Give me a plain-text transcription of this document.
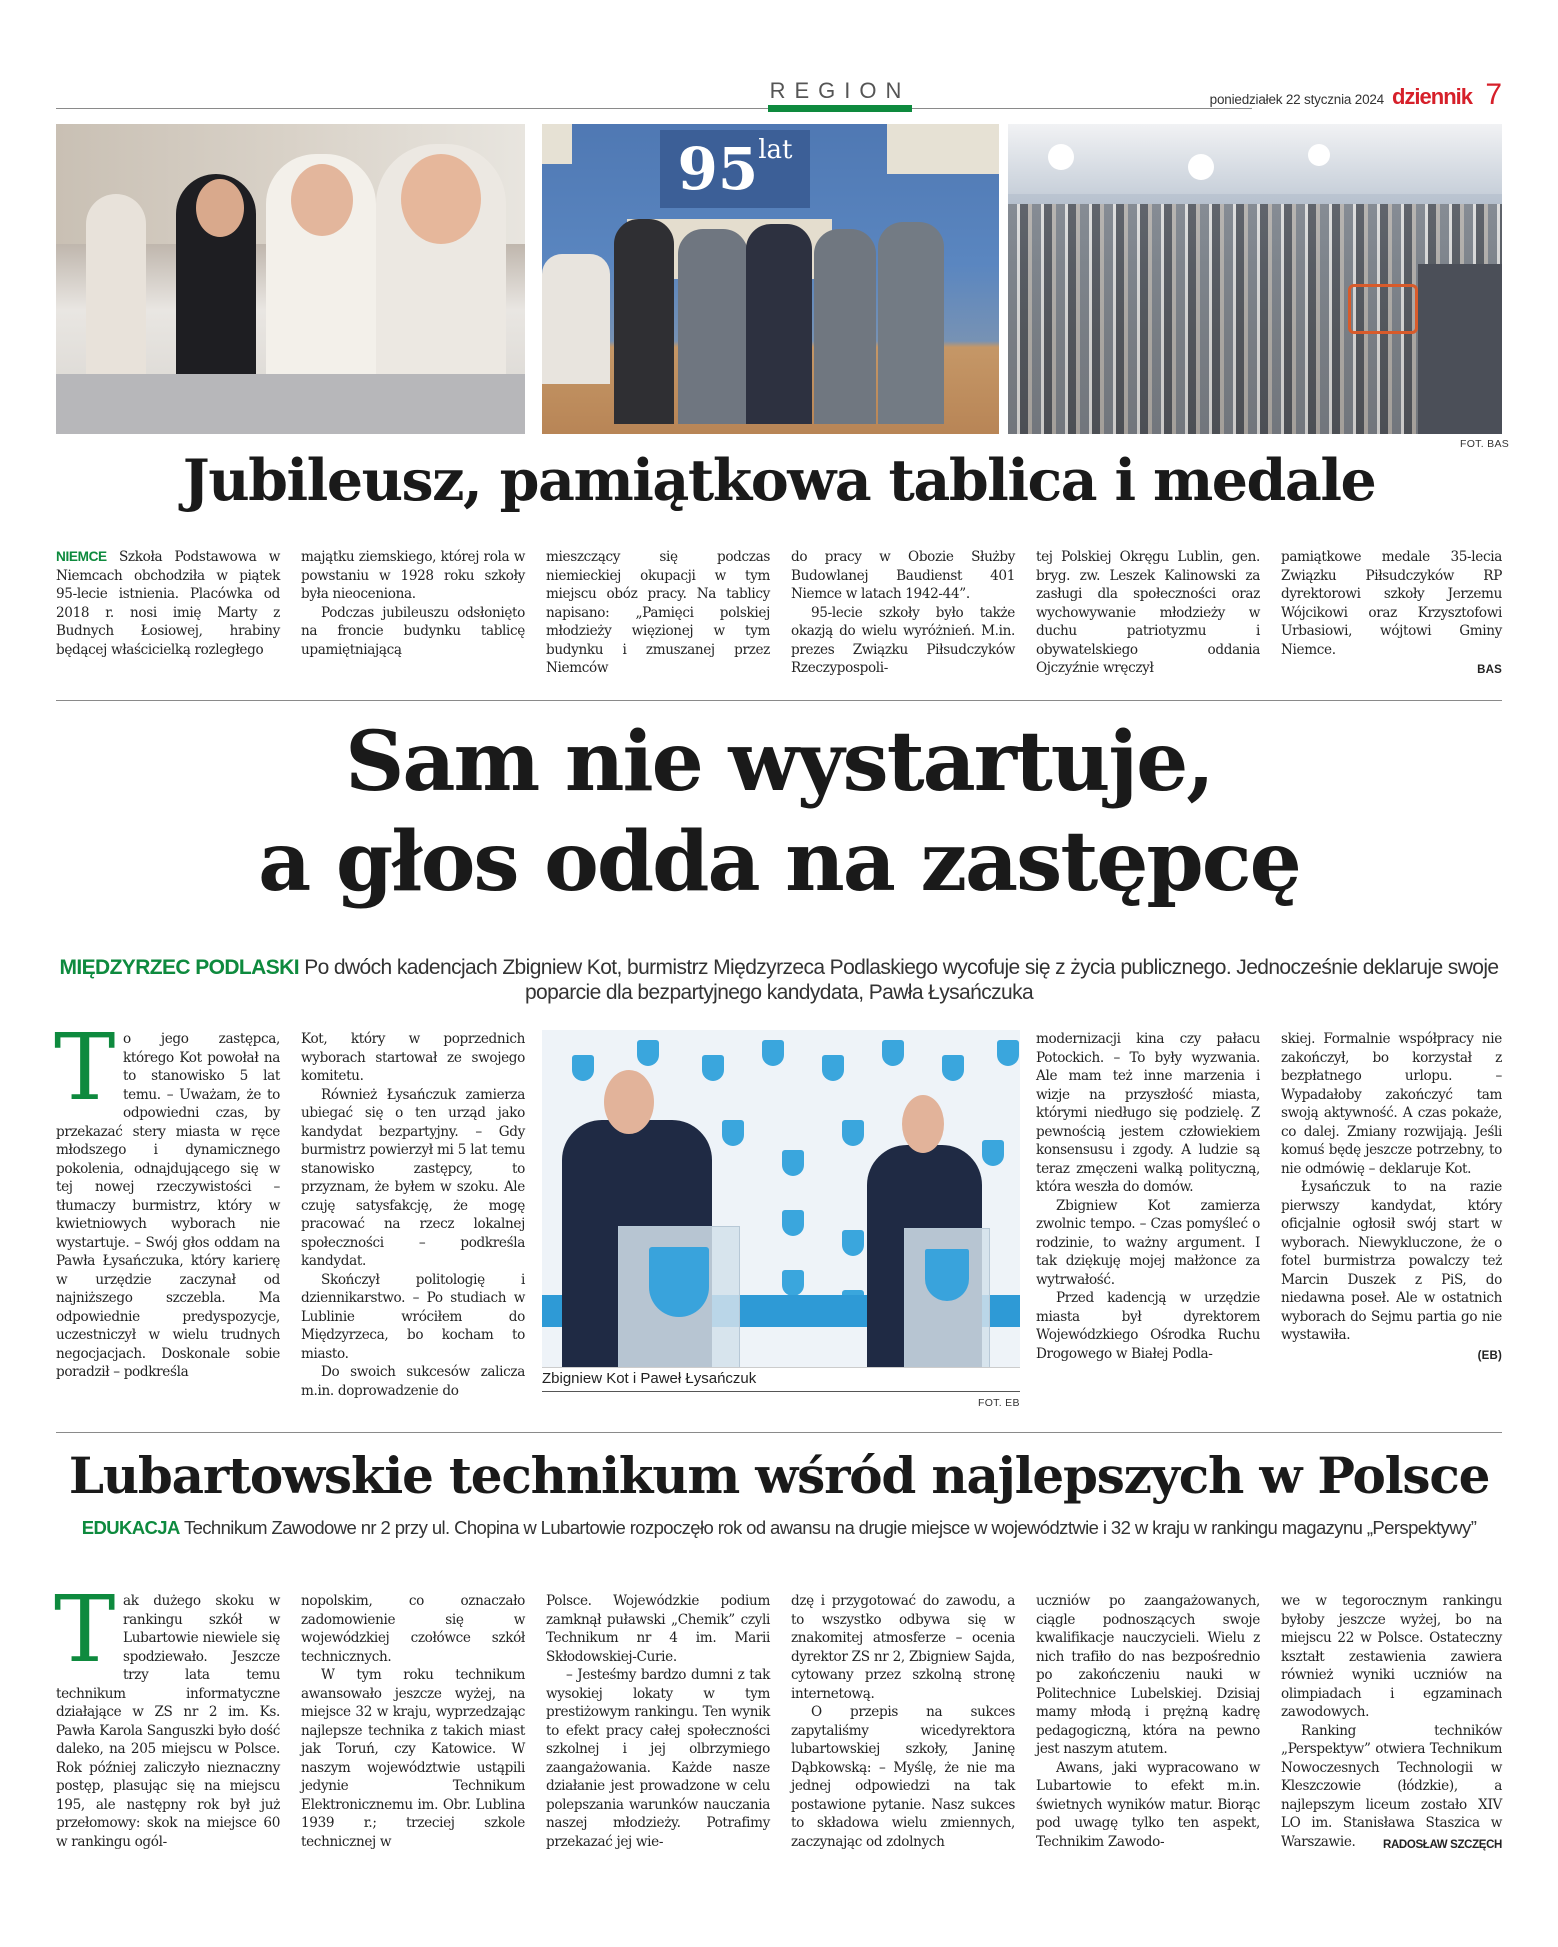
REGION	poniedziałek 22 stycznia 2024 dziennik 7
$95^{lat}$
FOT. BAS
Jubileusz, pamiątkowa tablica i medale

NIEMCE Szkoła Podstawowa w Niemcach obchodziła w piątek 95-lecie istnienia. Placówka od 2018 r. nosi imię Marty z Budnych Łosiowej, hrabiny będącej właścicielką rozległego

majątku ziemskiego, której rola w powstaniu w 1928 roku szkoły była nieoceniona.

Podczas jubileuszu odsłonięto na froncie budynku tablicę upamiętniającą

mieszczący się podczas niemieckiej okupacji w tym miejscu obóz pracy. Na tablicy napisano: „Pamięci polskiej młodzieży więzionej w tym budynku i zmuszanej przez Niemców

do pracy w Obozie Służby Budowlanej Baudienst 401 Niemce w latach 1942-44”.

95-lecie szkoły było także okazją do wielu wyróżnień. M.in. prezes Związku Piłsudczyków Rzeczypospoli-

tej Polskiej Okręgu Lublin, gen. bryg. zw. Leszek Kalinowski za zasługi dla społeczności oraz wychowywanie młodzieży w duchu patriotyzmu i obywatelskiego oddania Ojczyźnie wręczył

pamiątkowe medale 35-lecia Związku Piłsudczyków RP dyrektorowi szkoły Jerzemu Wójcikowi oraz Krzysztofowi Urbasiowi, wójtowi Gminy Niemce.

BAS
Sam nie wystartuje,
a głos odda na zastępcę
MIĘDZYRZEC PODLASKI Po dwóch kadencjach Zbigniew Kot, burmistrz Międzyrzeca Podlaskiego wycofuje się z życia publicznego. Jednocześnie deklaruje swoje poparcie dla bezpartyjnego kandydata, Pawła Łysańczuka

To jego zastępca, którego Kot powołał na to stanowisko 5 lat temu. – Uważam, że to odpowiedni czas, by przekazać stery miasta w ręce młodszego i dynamicznego pokolenia, odnajdującego się w tej nowej rzeczywistości – tłumaczy burmistrz, który w kwietniowych wyborach nie wystartuje. – Swój głos oddam na Pawła Łysańczuka, który karierę w urzędzie zaczynał od najniższego szczebla. Ma odpowiednie predyspozycje, uczestniczył w wielu trudnych negocjacjach. Doskonale sobie poradził – podkreśla

Kot, który w poprzednich wyborach startował ze swojego komitetu.

Również Łysańczuk zamierza ubiegać się o ten urząd jako kandydat bezpartyjny. – Gdy burmistrz powierzył mi 5 lat temu stanowisko zastępcy, to przyznam, że byłem w szoku. Ale czuję satysfakcję, że mogę pracować na rzecz lokalnej społeczności – podkreśla kandydat.

Skończył politologię i dziennikarstwo. – Po studiach w Lublinie wróciłem do Międzyrzeca, bo kocham to miasto.

Do swoich sukcesów zalicza m.in. doprowadzenie do

Zbigniew Kot i Paweł Łysańczuk
FOT. EB

modernizacji kina czy pałacu Potockich. – To były wyzwania. Ale mam też inne marzenia i wizje na przyszłość miasta, którymi niedługo się podzielę. Z pewnością jestem człowiekiem konsensusu i zgody. A ludzie są teraz zmęczeni walką polityczną, która weszła do domów.

Zbigniew Kot zamierza zwolnic tempo. – Czas pomyśleć o rodzinie, to ważny argument. I tak dziękuję mojej małżonce za wytrwałość.

Przed kadencją w urzędzie miasta był dyrektorem Wojewódzkiego Ośrodka Ruchu Drogowego w Białej Podla-

skiej. Formalnie współpracy nie zakończył, bo korzystał z bezpłatnego urlopu. – Wypadałoby zakończyć tam swoją aktywność. A czas pokaże, co dalej. Zmiany rozwijają. Jeśli komuś będę jeszcze potrzebny, to nie odmówię – deklaruje Kot.

Łysańczuk to na razie pierwszy kandydat, który oficjalnie ogłosił swój start w wyborach. Niewykluczone, że o fotel burmistrza powalczy też Marcin Duszek z PiS, do niedawna poseł. Ale w ostatnich wyborach do Sejmu partia go nie wystawiła.

(EB)
Lubartowskie technikum wśród najlepszych w Polsce
EDUKACJA Technikum Zawodowe nr 2 przy ul. Chopina w Lubartowie rozpoczęło rok od awansu na drugie miejsce w województwie i 32 w kraju w rankingu magazynu „Perspektywy”

Tak dużego skoku w rankingu szkół w Lubartowie niewiele się spodziewało. Jeszcze trzy lata temu technikum informatyczne działające w ZS nr 2 im. Ks. Pawła Karola Sanguszki było dość daleko, na 205 miejscu w Polsce. Rok później zaliczyło nieznaczny postęp, plasując się na miejscu 195, ale następny rok był już przełomowy: skok na miejsce 60 w rankingu ogól-

nopolskim, co oznaczało zadomowienie się w wojewódzkiej czołówce szkół technicznych.

W tym roku technikum awansowało jeszcze wyżej, na miejsce 32 w kraju, wyprzedzając najlepsze technika z takich miast jak Toruń, czy Katowice. W naszym województwie ustąpili jedynie Technikum Elektronicznemu im. Obr. Lublina 1939 r.; trzeciej szkole technicznej w

Polsce. Wojewódzkie podium zamknął puławski „Chemik” czyli Technikum nr 4 im. Marii Skłodowskiej-Curie.

– Jesteśmy bardzo dumni z tak wysokiej lokaty w tym prestiżowym rankingu. Ten wynik to efekt pracy całej społeczności szkolnej i jej olbrzymiego zaangażowania. Każde nasze działanie jest prowadzone w celu polepszania warunków nauczania naszej młodzieży. Potrafimy przekazać jej wie-

dzę i przygotować do zawodu, a to wszystko odbywa się w znakomitej atmosferze – ocenia dyrektor ZS nr 2, Zbigniew Sajda, cytowany przez szkolną stronę internetową.

O przepis na sukces zapytaliśmy wicedyrektora lubartowskiej szkoły, Janinę Dąbkowską: – Myślę, że nie ma jednej odpowiedzi na tak postawione pytanie. Nasz sukces to składowa wielu zmiennych, zaczynając od zdolnych

uczniów po zaangażowanych, ciągle podnoszących swoje kwalifikacje nauczycieli. Wielu z nich trafiło do nas bezpośrednio po zakończeniu nauki w Politechnice Lubelskiej. Dzisiaj mamy młodą i prężną kadrę pedagogiczną, która na pewno jest naszym atutem.

Awans, jaki wypracowano w Lubartowie to efekt m.in. świetnych wyników matur. Biorąc pod uwagę tylko ten aspekt, Technikim Zawodo-

we w tegorocznym rankingu byłoby jeszcze wyżej, bo na miejscu 22 w Polsce. Ostateczny kształt zestawienia zawiera również wyniki uczniów na olimpiadach i egzaminach zawodowych.

Ranking techników „Perspektyw” otwiera Technikum Nowoczesnych Technologii w Kleszczowie (łódzkie), a najlepszym liceum zostało XIV LO im. Stanisława Staszica w Warszawie.	RADOSŁAW SZCZĘCH
